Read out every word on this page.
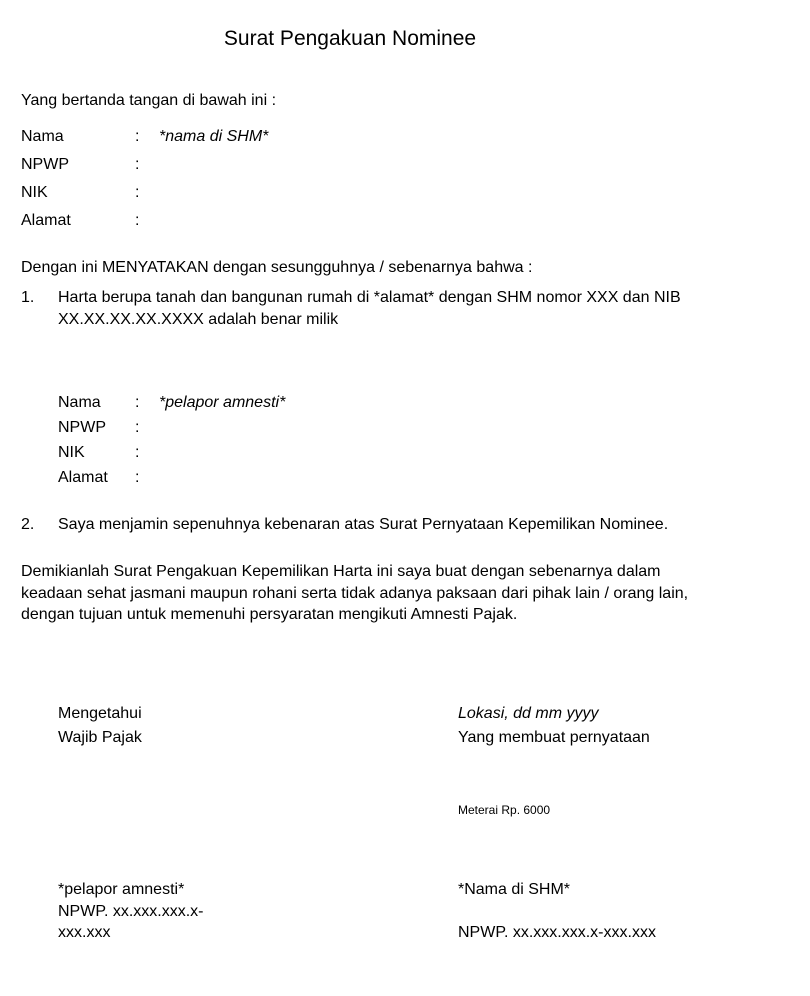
Surat Pengakuan Nominee
Yang bertanda tangan di bawah ini :
Nama	: *nama di SHM*
NPWP	:
NIK	:
Alamat	:
Dengan ini MENYATAKAN dengan sesungguhnya / sebenarnya bahwa :
1. Harta berupa tanah dan bangunan rumah di *alamat* dengan SHM nomor XXX dan NIB
XX.XX.XX.XX.XXXX adalah benar milik
Nama : *pelapor amnesti*
NPWP :
NIK	:
Alamat :
2. Saya menjamin sepenuhnya kebenaran atas Surat Pernyataan Kepemilikan Nominee.
Demikianlah Surat Pengakuan Kepemilikan Harta ini saya buat dengan sebenarnya dalam
keadaan sehat jasmani maupun rohani serta tidak adanya paksaan dari pihak lain / orang lain,
dengan tujuan untuk memenuhi persyaratan mengikuti Amnesti Pajak.
Mengetahui
Wajib Pajak
*pelapor amnesti*
NPWP. xx.xxx.xxx.x-
xxx.xxx
Lokasi, dd mm yyyy
Yang membuat pernyataan
Meterai Rp. 6000
*Nama di SHM*
NPWP. xx.xxx.xxx.x-xxx.xxx
